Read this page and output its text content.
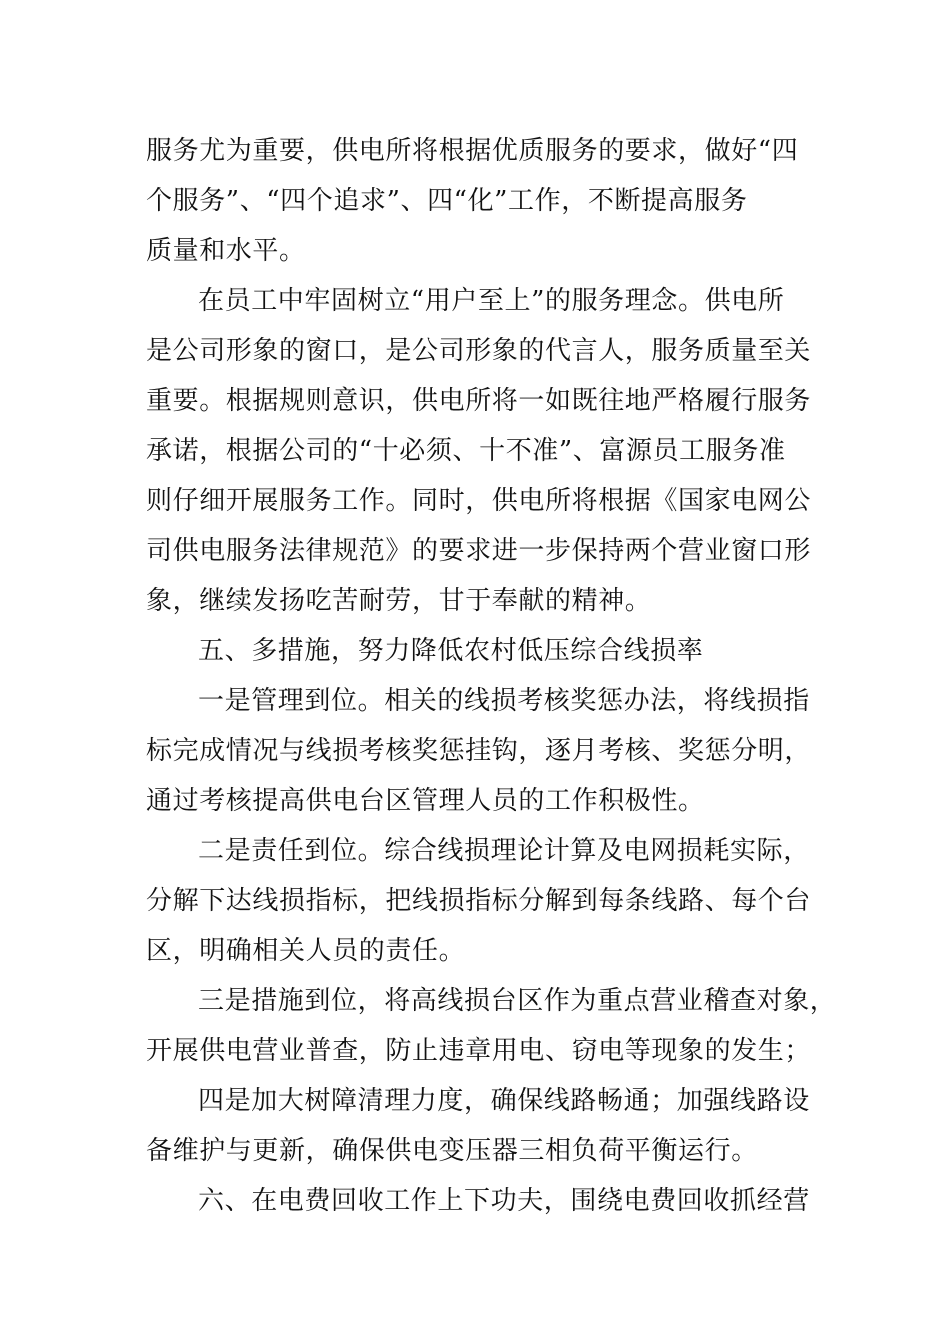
服务尤为重要，供电所将根据优质服务的要求，做好“四
个服务”、“四个追求”、四“化”工作，不断提高服务
质量和水平。
在员工中牢固树立“用户至上”的服务理念。供电所
是公司形象的窗口，是公司形象的代言人，服务质量至关
重要。根据规则意识，供电所将一如既往地严格履行服务
承诺，根据公司的“十必须、十不准”、富源员工服务准
则仔细开展服务工作。同时，供电所将根据《国家电网公
司供电服务法律规范》的要求进一步保持两个营业窗口形
象，继续发扬吃苦耐劳，甘于奉献的精神。
五、多措施，努力降低农村低压综合线损率
一是管理到位。相关的线损考核奖惩办法，将线损指
标完成情况与线损考核奖惩挂钩，逐月考核、奖惩分明，
通过考核提高供电台区管理人员的工作积极性。
二是责任到位。综合线损理论计算及电网损耗实际，
分解下达线损指标，把线损指标分解到每条线路、每个台
区，明确相关人员的责任。
三是措施到位，将高线损台区作为重点营业稽查对象，
开展供电营业普查，防止违章用电、窃电等现象的发生；
四是加大树障清理力度，确保线路畅通；加强线路设
备维护与更新，确保供电变压器三相负荷平衡运行。
六、在电费回收工作上下功夫，围绕电费回收抓经营
